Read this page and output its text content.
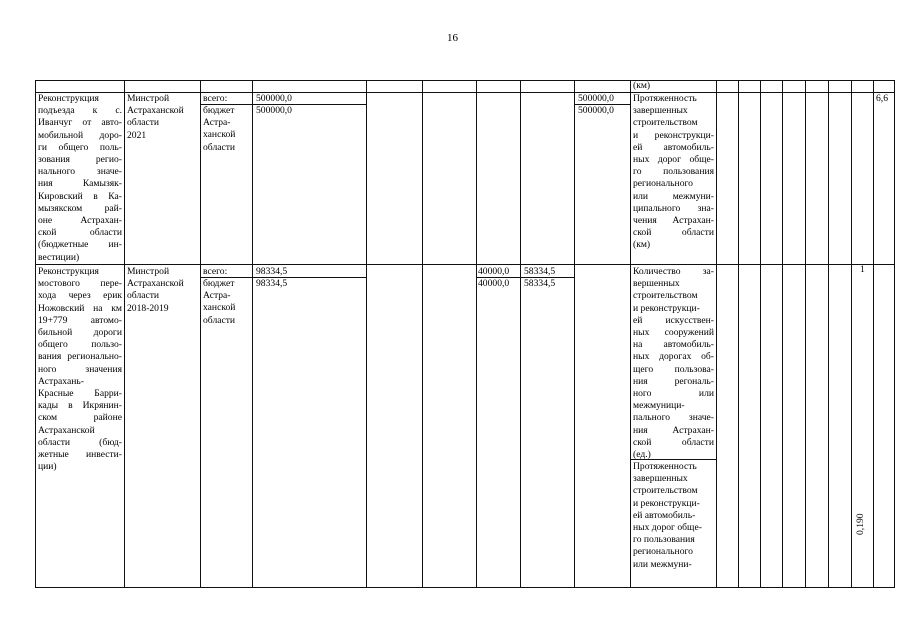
16
(км)
Реконструкция
подъезда к с.
Иванчуг от авто-
мобильной доро-
ги общего поль-
зования регио-
нального значе-
ния Камызяк-
Кировский в Ка-
мызякском рай-
оне Астрахан-
ской области
(бюджетные ин-
вестиции)
Минстрой
Астраханской
области
2021
всего:
бюджет
Астра-
ханской
области
500000,0
500000,0
500000,0
500000,0
Протяженность
завершенных
строительством
и реконструкци-
ей автомобиль-
ных дорог обще-
го пользования
регионального
или межмуни-
ципального зна-
чения Астрахан-
ской области
(км)
6,6
Реконструкция
мостового пере-
хода через ерик
Ножовский на км
19+779 автомо-
бильной дороги
общего пользо-
вания регионально-
ного значения
Астрахань-
Красные Барри-
кады в Икрянин-
ском районе
Астраханской
области (бюд-
жетные инвести-
ции)
Минстрой
Астраханской
области
2018-2019
всего:
бюджет
Астра-
ханской
области
98334,5
98334,5
40000,0
40000,0
58334,5
58334,5
Количество за-
вершенных
строительством
и реконструкци-
ей искусствен-
ных сооружений
на автомобиль-
ных дорогах об-
щего пользова-
ния регональ-
ного или
межмуници-
пального значе-
ния Астрахан-
ской области
(ед.)
1
Протяженность
завершенных
строительством
и реконструкци-
ей автомобиль-
ных дорог обще-
го пользования
регионального
или межмуни-
0,190
